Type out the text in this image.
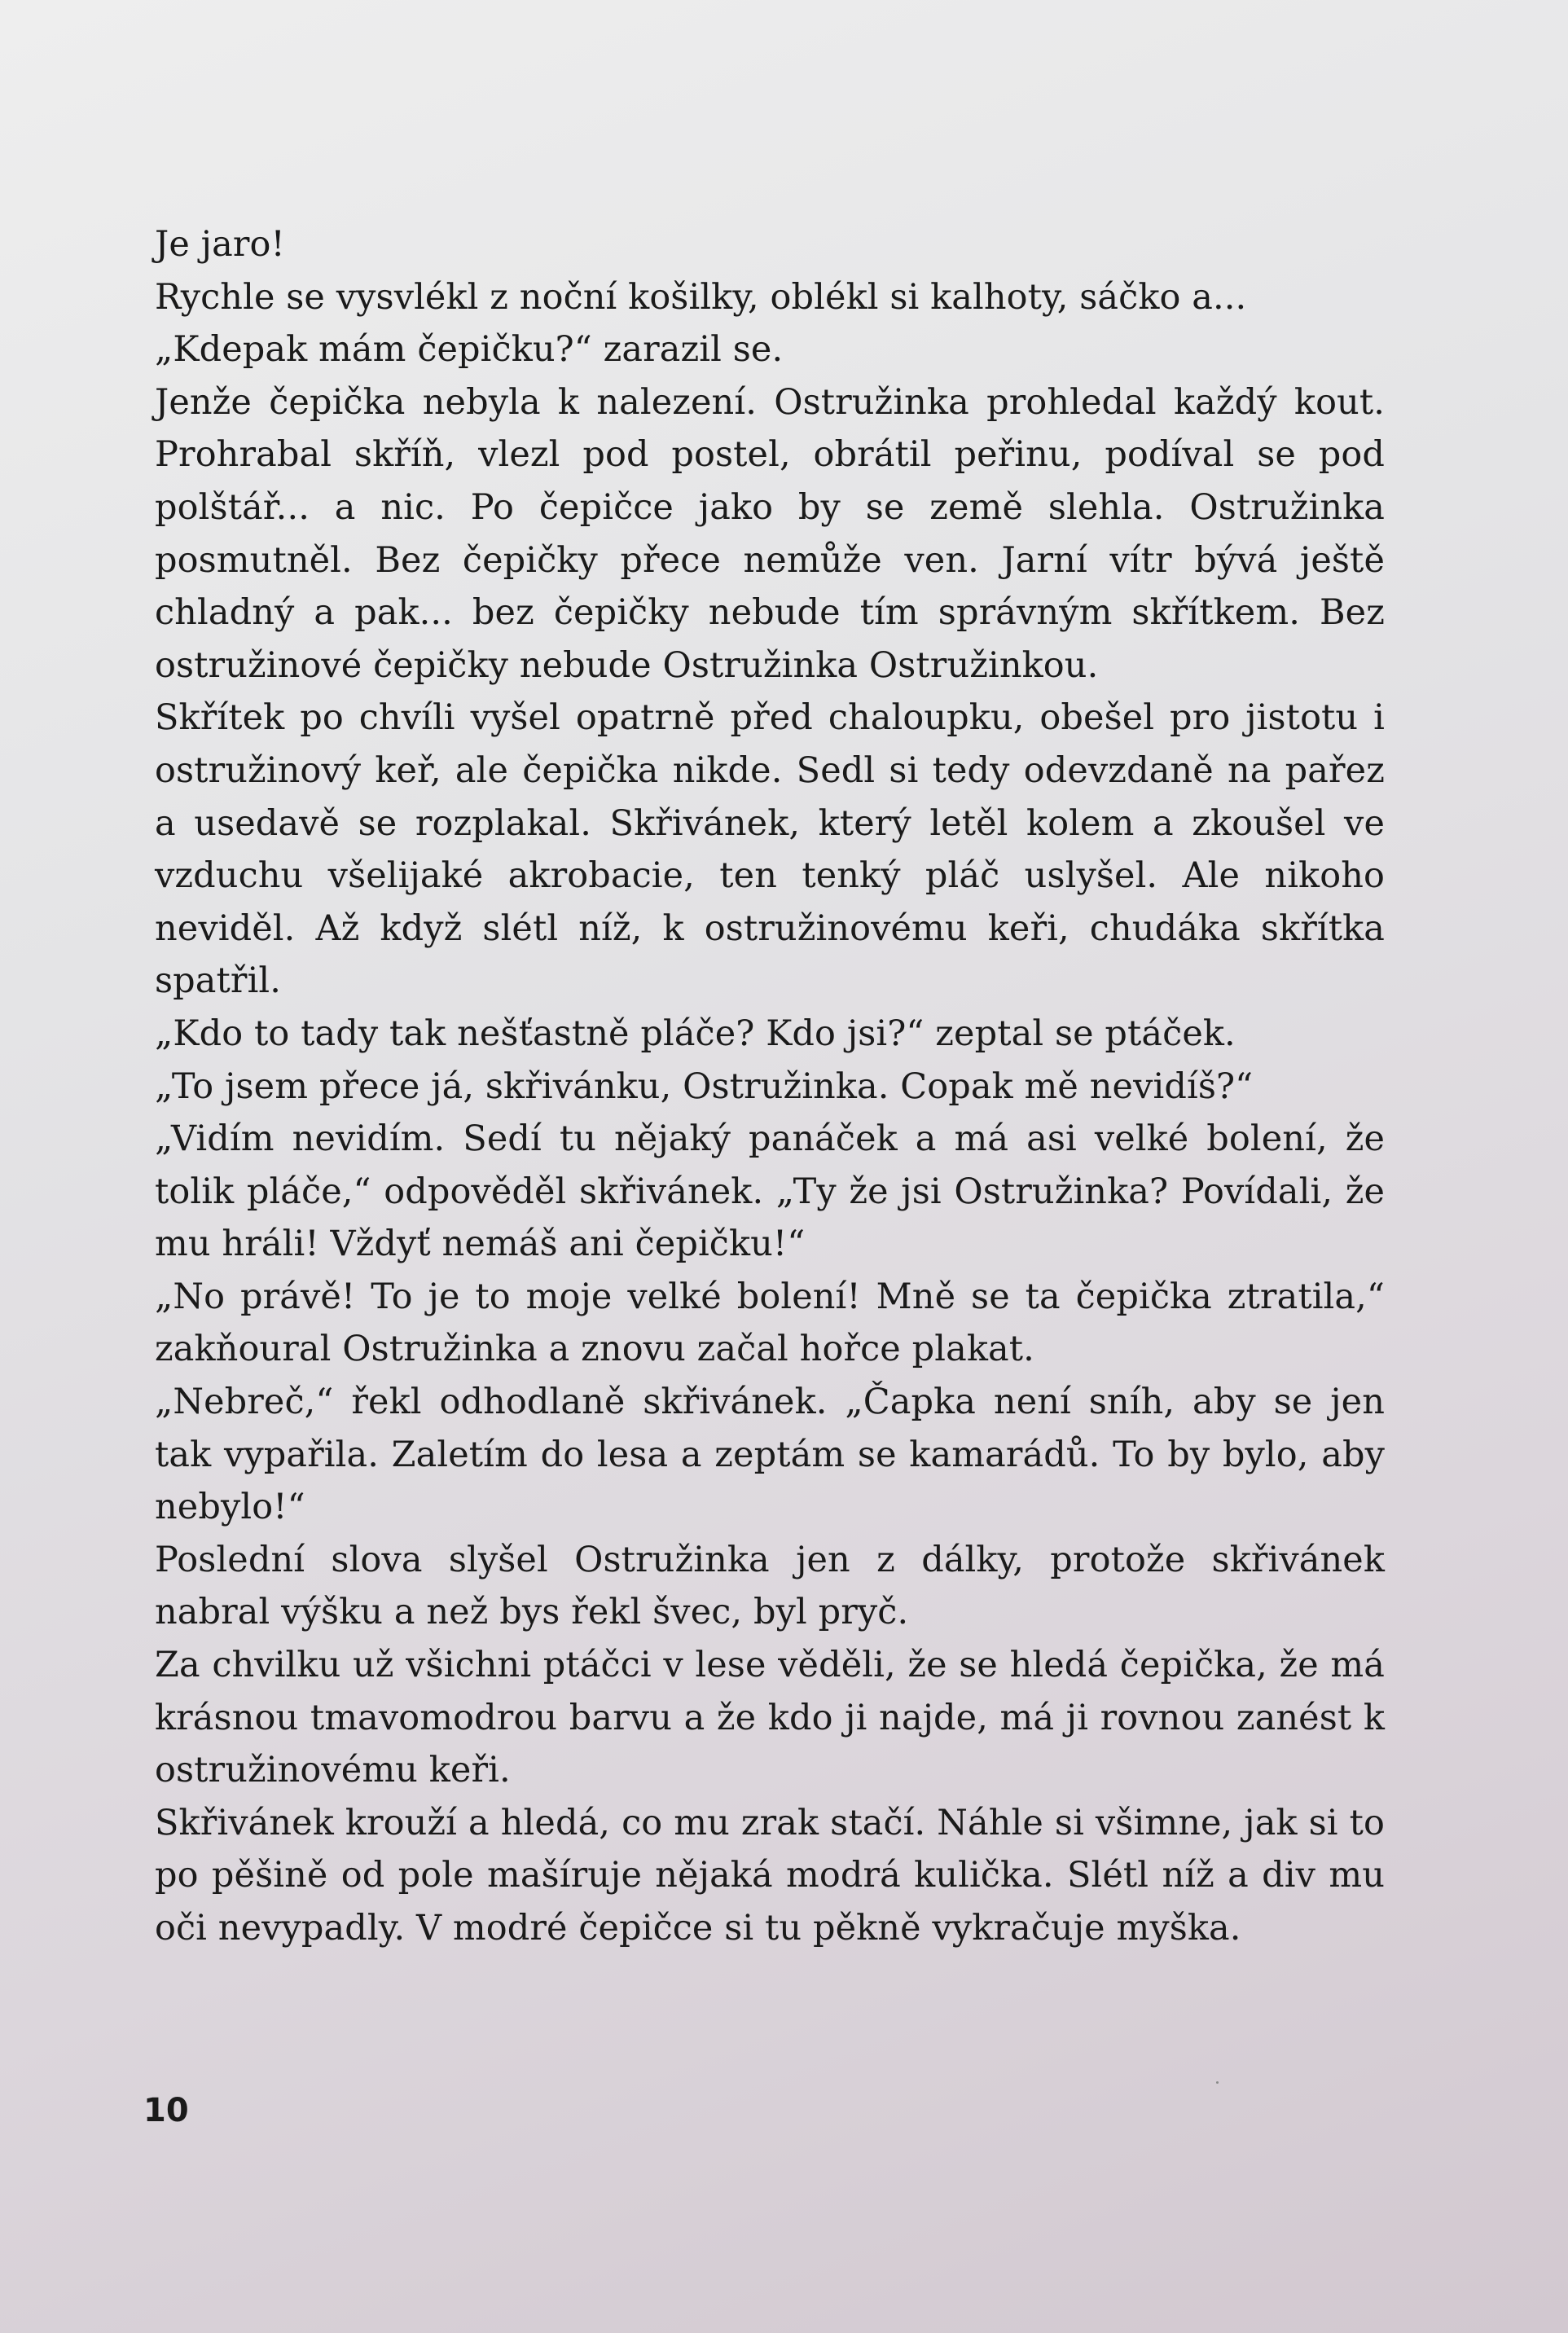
Je jaro!

Rychle se vysvlékl z noční košilky, oblékl si kalhoty, sáčko a...

„Kdepak mám čepičku?“ zarazil se.

Jenže čepička nebyla k nalezení. Ostružinka prohledal každý kout. Prohrabal skříň, vlezl pod postel, obrátil peřinu, podíval se pod polštář... a nic. Po čepičce jako by se země slehla. Ostružinka posmutněl. Bez čepičky přece nemůže ven. Jarní vítr bývá ještě chladný a pak... bez čepičky nebude tím správným skřítkem. Bez ostružinové čepičky nebude Ostružinka Ostružinkou.

Skřítek po chvíli vyšel opatrně před chaloupku, obešel pro jistotu i ostružinový keř, ale čepička nikde. Sedl si tedy odevzdaně na pařez a usedavě se rozplakal. Skřivánek, který letěl kolem a zkoušel ve vzduchu všelijaké akrobacie, ten tenký pláč uslyšel. Ale nikoho neviděl. Až když slétl níž, k ostružinovému keři, chudáka skřítka spatřil.

„Kdo to tady tak nešťastně pláče? Kdo jsi?“ zeptal se ptáček.

„To jsem přece já, skřivánku, Ostružinka. Copak mě nevidíš?“

„Vidím nevidím. Sedí tu nějaký panáček a má asi velké bolení, že tolik pláče,“ odpověděl skřivánek. „Ty že jsi Ostružinka? Povídali, že mu hráli! Vždyť nemáš ani čepičku!“

„No právě! To je to moje velké bolení! Mně se ta čepička ztratila,“ zakňoural Ostružinka a znovu začal hořce plakat.

„Nebreč,“ řekl odhodlaně skřivánek. „Čapka není sníh, aby se jen tak vypařila. Zaletím do lesa a zeptám se kamarádů. To by bylo, aby nebylo!“

Poslední slova slyšel Ostružinka jen z dálky, protože skřivánek nabral výšku a než bys řekl švec, byl pryč.

Za chvilku už všichni ptáčci v lese věděli, že se hledá čepička, že má krásnou tmavomodrou barvu a že kdo ji najde, má ji rovnou zanést k ostružinovému keři.

Skřivánek krouží a hledá, co mu zrak stačí. Náhle si všimne, jak si to po pěšině od pole mašíruje nějaká modrá kulička. Slétl níž a div mu oči nevypadly. V modré čepičce si tu pěkně vykračuje myška.

10
